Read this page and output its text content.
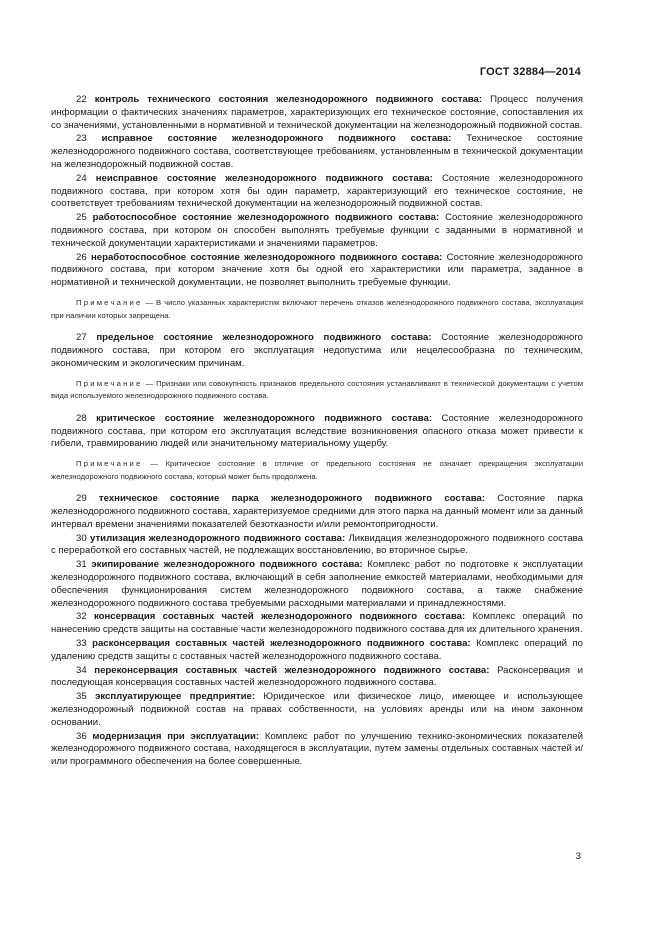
ГОСТ 32884—2014

22 контроль технического состояния железнодорожного подвижного состава: Процесс получения информации о фактических значениях параметров, характеризующих его техническое состояние, сопоставления их со значениями, установленными в нормативной и технической документации на железнодорожный подвижной состав.

23 исправное состояние железнодорожного подвижного состава: Техническое состояние железнодорожного подвижного состава, соответствующее требованиям, установленным в технической документации на железнодорожный подвижной состав.

24 неисправное состояние железнодорожного подвижного состава: Состояние железнодорожного подвижного состава, при котором хотя бы один параметр, характеризующий его техническое состояние, не соответствует требованиям технической документации на железнодорожный подвижной состав.

25 работоспособное состояние железнодорожного подвижного состава: Состояние железнодорожного подвижного состава, при котором он способен выполнять требуемые функции с заданными в нормативной и технической документации характеристиками и значениями параметров.

26 неработоспособное состояние железнодорожного подвижного состава: Состояние железнодорожного подвижного состава, при котором значение хотя бы одной его характеристики или параметра, заданное в нормативной и технической документации, не позволяет выполнить требуемые функции.

Примечание — В число указанных характеристик включают перечень отказов железнодорожного подвижного состава, эксплуатация при наличии которых запрещена.

27 предельное состояние железнодорожного подвижного состава: Состояние железнодорожного подвижного состава, при котором его эксплуатация недопустима или нецелесообразна по техническим, экономическим и экологическим причинам.

Примечание — Признаки или совокупность признаков предельного состояния устанавливают в технической документации с учетом вида используемого железнодорожного подвижного состава.

28 критическое состояние железнодорожного подвижного состава: Состояние железнодорожного подвижного состава, при котором его эксплуатация вследствие возникновения опасного отказа может привести к гибели, травмированию людей или значительному материальному ущербу.

Примечание — Критическое состояние в отличие от предельного состояния не означает прекращения эксплуатации железнодорожного подвижного состава, который может быть продолжена.

29 техническое состояние парка железнодорожного подвижного состава: Состояние парка железнодорожного подвижного состава, характеризуемое средними для этого парка на данный момент или за данный интервал времени значениями показателей безотказности и/или ремонтопригодности.

30 утилизация железнодорожного подвижного состава: Ликвидация железнодорожного подвижного состава с переработкой его составных частей, не подлежащих восстановлению, во вторичное сырье.

31 экипирование железнодорожного подвижного состава: Комплекс работ по подготовке к эксплуатации железнодорожного подвижного состава, включающий в себя заполнение емкостей материалами, необходимыми для обеспечения функционирования систем железнодорожного подвижного состава, а также снабжение железнодорожного подвижного состава требуемыми расходными материалами и принадлежностями.

32 консервация составных частей железнодорожного подвижного состава: Комплекс операций по нанесению средств защиты на составные части железнодорожного подвижного состава для их длительного хранения.

33 расконсервация составных частей железнодорожного подвижного состава: Комплекс операций по удалению средств защиты с составных частей железнодорожного подвижного состава.

34 переконсервация составных частей железнодорожного подвижного состава: Расконсервация и последующая консервация составных частей железнодорожного подвижного состава.

35 эксплуатирующее предприятие: Юридическое или физическое лицо, имеющее и использующее железнодорожный подвижной состав на правах собственности, на условиях аренды или на ином законном основании.

36 модернизация при эксплуатации: Комплекс работ по улучшению технико-экономических показателей железнодорожного подвижного состава, находящегося в эксплуатации, путем замены отдельных составных частей и/или программного обеспечения на более совершенные.

3
